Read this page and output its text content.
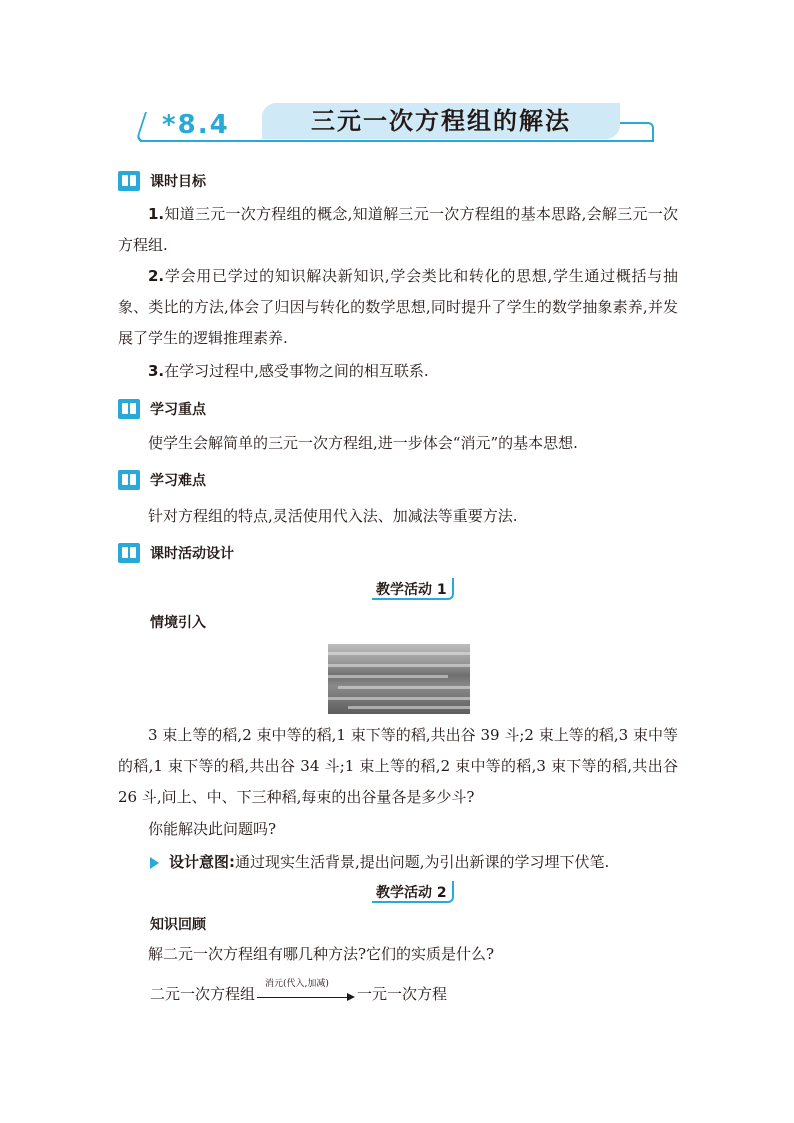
*8.4	三元一次方程组的解法
课时目标
1.知道三元一次方程组的概念,知道解三元一次方程组的基本思路,会解三元一次方程组.
2.学会用已学过的知识解决新知识,学会类比和转化的思想,学生通过概括与抽象、类比的方法,体会了归因与转化的数学思想,同时提升了学生的数学抽象素养,并发展了学生的逻辑推理素养.
3.在学习过程中,感受事物之间的相互联系.
学习重点
使学生会解简单的三元一次方程组,进一步体会“消元”的基本思想.
学习难点
针对方程组的特点,灵活使用代入法、加减法等重要方法.
课时活动设计
教学活动 1
情境引入
3 束上等的稻,2 束中等的稻,1 束下等的稻,共出谷 39 斗;2 束上等的稻,3 束中等的稻,1 束下等的稻,共出谷 34 斗;1 束上等的稻,2 束中等的稻,3 束下等的稻,共出谷 26 斗,问上、中、下三种稻,每束的出谷量各是多少斗?
你能解决此问题吗?
设计意图:通过现实生活背景,提出问题,为引出新课的学习埋下伏笔.
教学活动 2
知识回顾
解二元一次方程组有哪几种方法?它们的实质是什么?
二元一次方程组
消元(代入,加减)
一元一次方程
